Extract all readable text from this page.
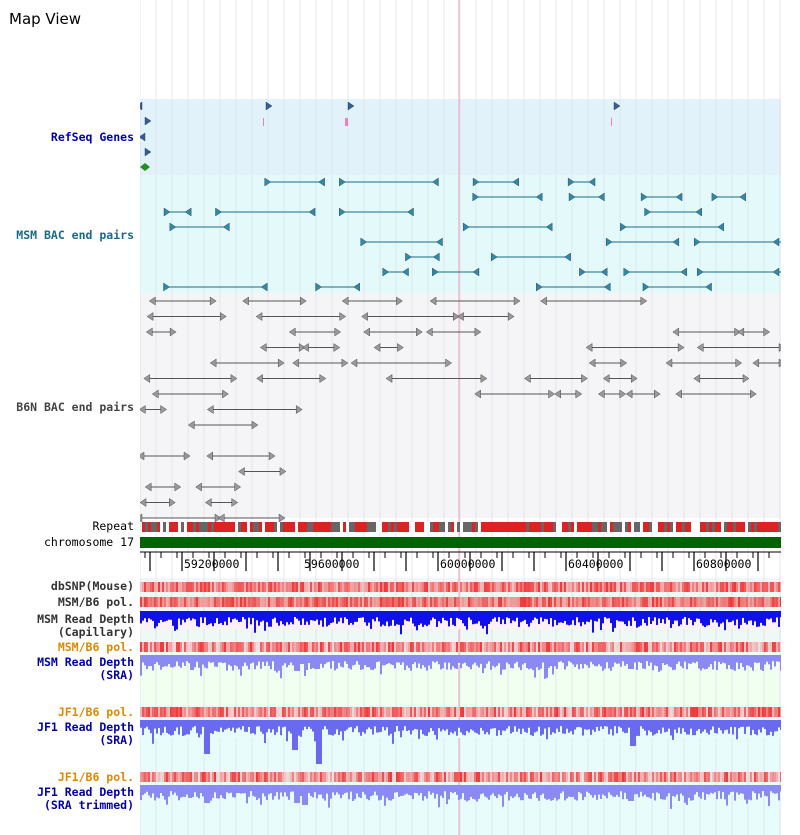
Map View

RefSeq Genes
MSM BAC end pairs
B6N BAC end pairs
Repeat
chromosome 17
dbSNP(Mouse)
MSM/B6 pol.
MSM Read Depth
(Capillary)
MSM/B6 pol.
MSM Read Depth
(SRA)
JF1/B6 pol.
JF1 Read Depth
(SRA)
JF1/B6 pol.
JF1 Read Depth
(SRA trimmed)
59200000	59600000	60000000	60400000	60800000
